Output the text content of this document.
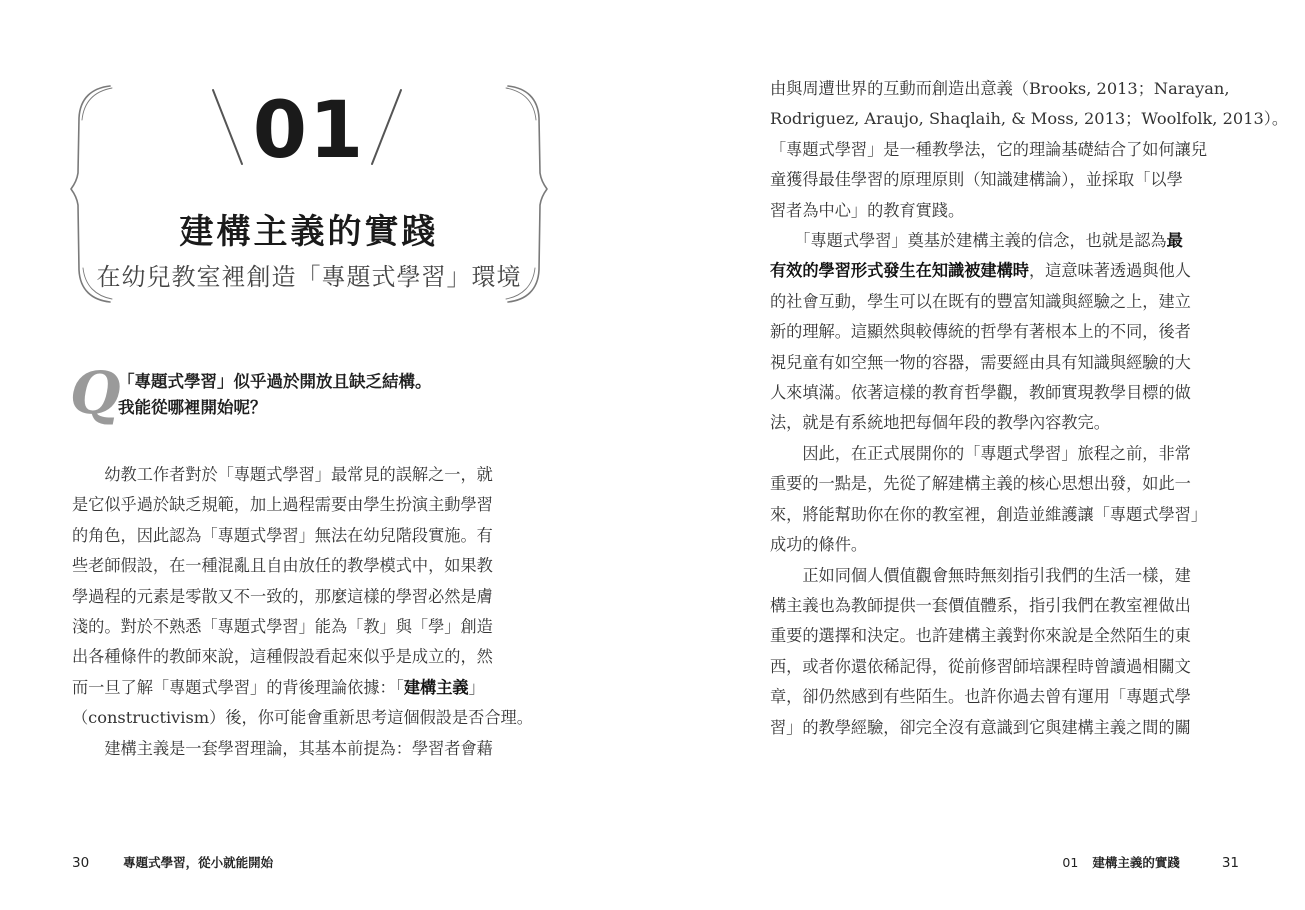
01
建構主義的實踐
在幼兒教室裡創造「專題式學習」環境
Q
「專題式學習」似乎過於開放且缺乏結構。
我能從哪裡開始呢？
　　幼教工作者對於「專題式學習」最常見的誤解之一，就
是它似乎過於缺乏規範，加上過程需要由學生扮演主動學習
的角色，因此認為「專題式學習」無法在幼兒階段實施。有
些老師假設，在一種混亂且自由放任的教學模式中，如果教
學過程的元素是零散又不一致的，那麼這樣的學習必然是膚
淺的。對於不熟悉「專題式學習」能為「教」與「學」創造
出各種條件的教師來說，這種假設看起來似乎是成立的，然
而一旦了解「專題式學習」的背後理論依據：「建構主義」
（constructivism）後，你可能會重新思考這個假設是否合理。
　　建構主義是一套學習理論，其基本前提為：學習者會藉
30	專題式學習，從小就能開始
由與周遭世界的互動而創造出意義（Brooks, 2013；Narayan,
Rodriguez, Araujo, Shaqlaih, & Moss, 2013；Woolfolk, 2013）。
「專題式學習」是一種教學法，它的理論基礎結合了如何讓兒
童獲得最佳學習的原理原則（知識建構論），並採取「以學
習者為中心」的教育實踐。
　　「專題式學習」奠基於建構主義的信念，也就是認為最
有效的學習形式發生在知識被建構時，這意味著透過與他人
的社會互動，學生可以在既有的豐富知識與經驗之上，建立
新的理解。這顯然與較傳統的哲學有著根本上的不同，後者
視兒童有如空無一物的容器，需要經由具有知識與經驗的大
人來填滿。依著這樣的教育哲學觀，教師實現教學目標的做
法，就是有系統地把每個年段的教學內容教完。
　　因此，在正式展開你的「專題式學習」旅程之前，非常
重要的一點是，先從了解建構主義的核心思想出發，如此一
來，將能幫助你在你的教室裡，創造並維護讓「專題式學習」
成功的條件。
　　正如同個人價值觀會無時無刻指引我們的生活一樣，建
構主義也為教師提供一套價值體系，指引我們在教室裡做出
重要的選擇和決定。也許建構主義對你來說是全然陌生的東
西，或者你還依稀記得，從前修習師培課程時曾讀過相關文
章，卻仍然感到有些陌生。也許你過去曾有運用「專題式學
習」的教學經驗，卻完全沒有意識到它與建構主義之間的關
01 建構主義的實踐	31
